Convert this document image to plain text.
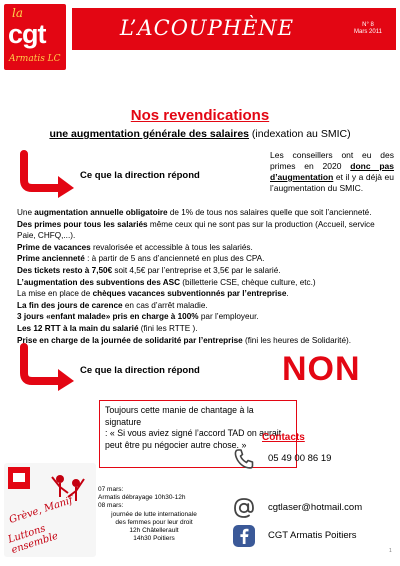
la
cgt
Armatis LC
L’ACOUPHÈNE	N° 8
Mars 2011
Nos revendications
une augmentation générale des salaires (indexation au SMIC)
Ce que la direction répond
Les conseillers ont eu des primes en 2020 donc pas d’augmentation et il y a déjà eu l’augmentation du SMIC.
Une augmentation annuelle obligatoire de 1% de tous nos salaires quelle que soit l’ancienneté.
Des primes pour tous les salariés même ceux qui ne sont pas sur la production (Accueil, service
Paie, CHFQ,...).
Prime de vacances revalorisée et accessible à tous les salariés.
Prime ancienneté : à partir de 5 ans d’ancienneté en plus des CPA.
Des tickets resto à 7,50€ soit 4,5€ par l’entreprise et 3,5€ par le salarié.
L’augmentation des subventions des ASC (billetterie CSE, chèque culture, etc.)
La mise en place de chèques vacances subventionnés par l’entreprise.
La fin des jours de carence en cas d’arrêt maladie.
3 jours «enfant malade» pris en charge à 100% par l’employeur.
Les 12 RTT à la main du salarié (fini les RTTE ).
Prise en charge de la journée de solidarité par l’entreprise (fini les heures de Solidarité).
Ce que la direction répond NON
Toujours cette manie de chantage à la signature
: « Si vous aviez signé l’accord TAD on aurait
peut être pu négocier autre chose. »
Grève, Manif
Luttons ensemble
07 mars:
Armatis débrayage 10h30-12h
08 mars:
journée de lutte internationale
des femmes pour leur droit
12h Châtellerault
14h30 Poitiers
Contacts
05 49 00 86 19
cgtlaser@hotmail.com
CGT Armatis Poitiers
1
